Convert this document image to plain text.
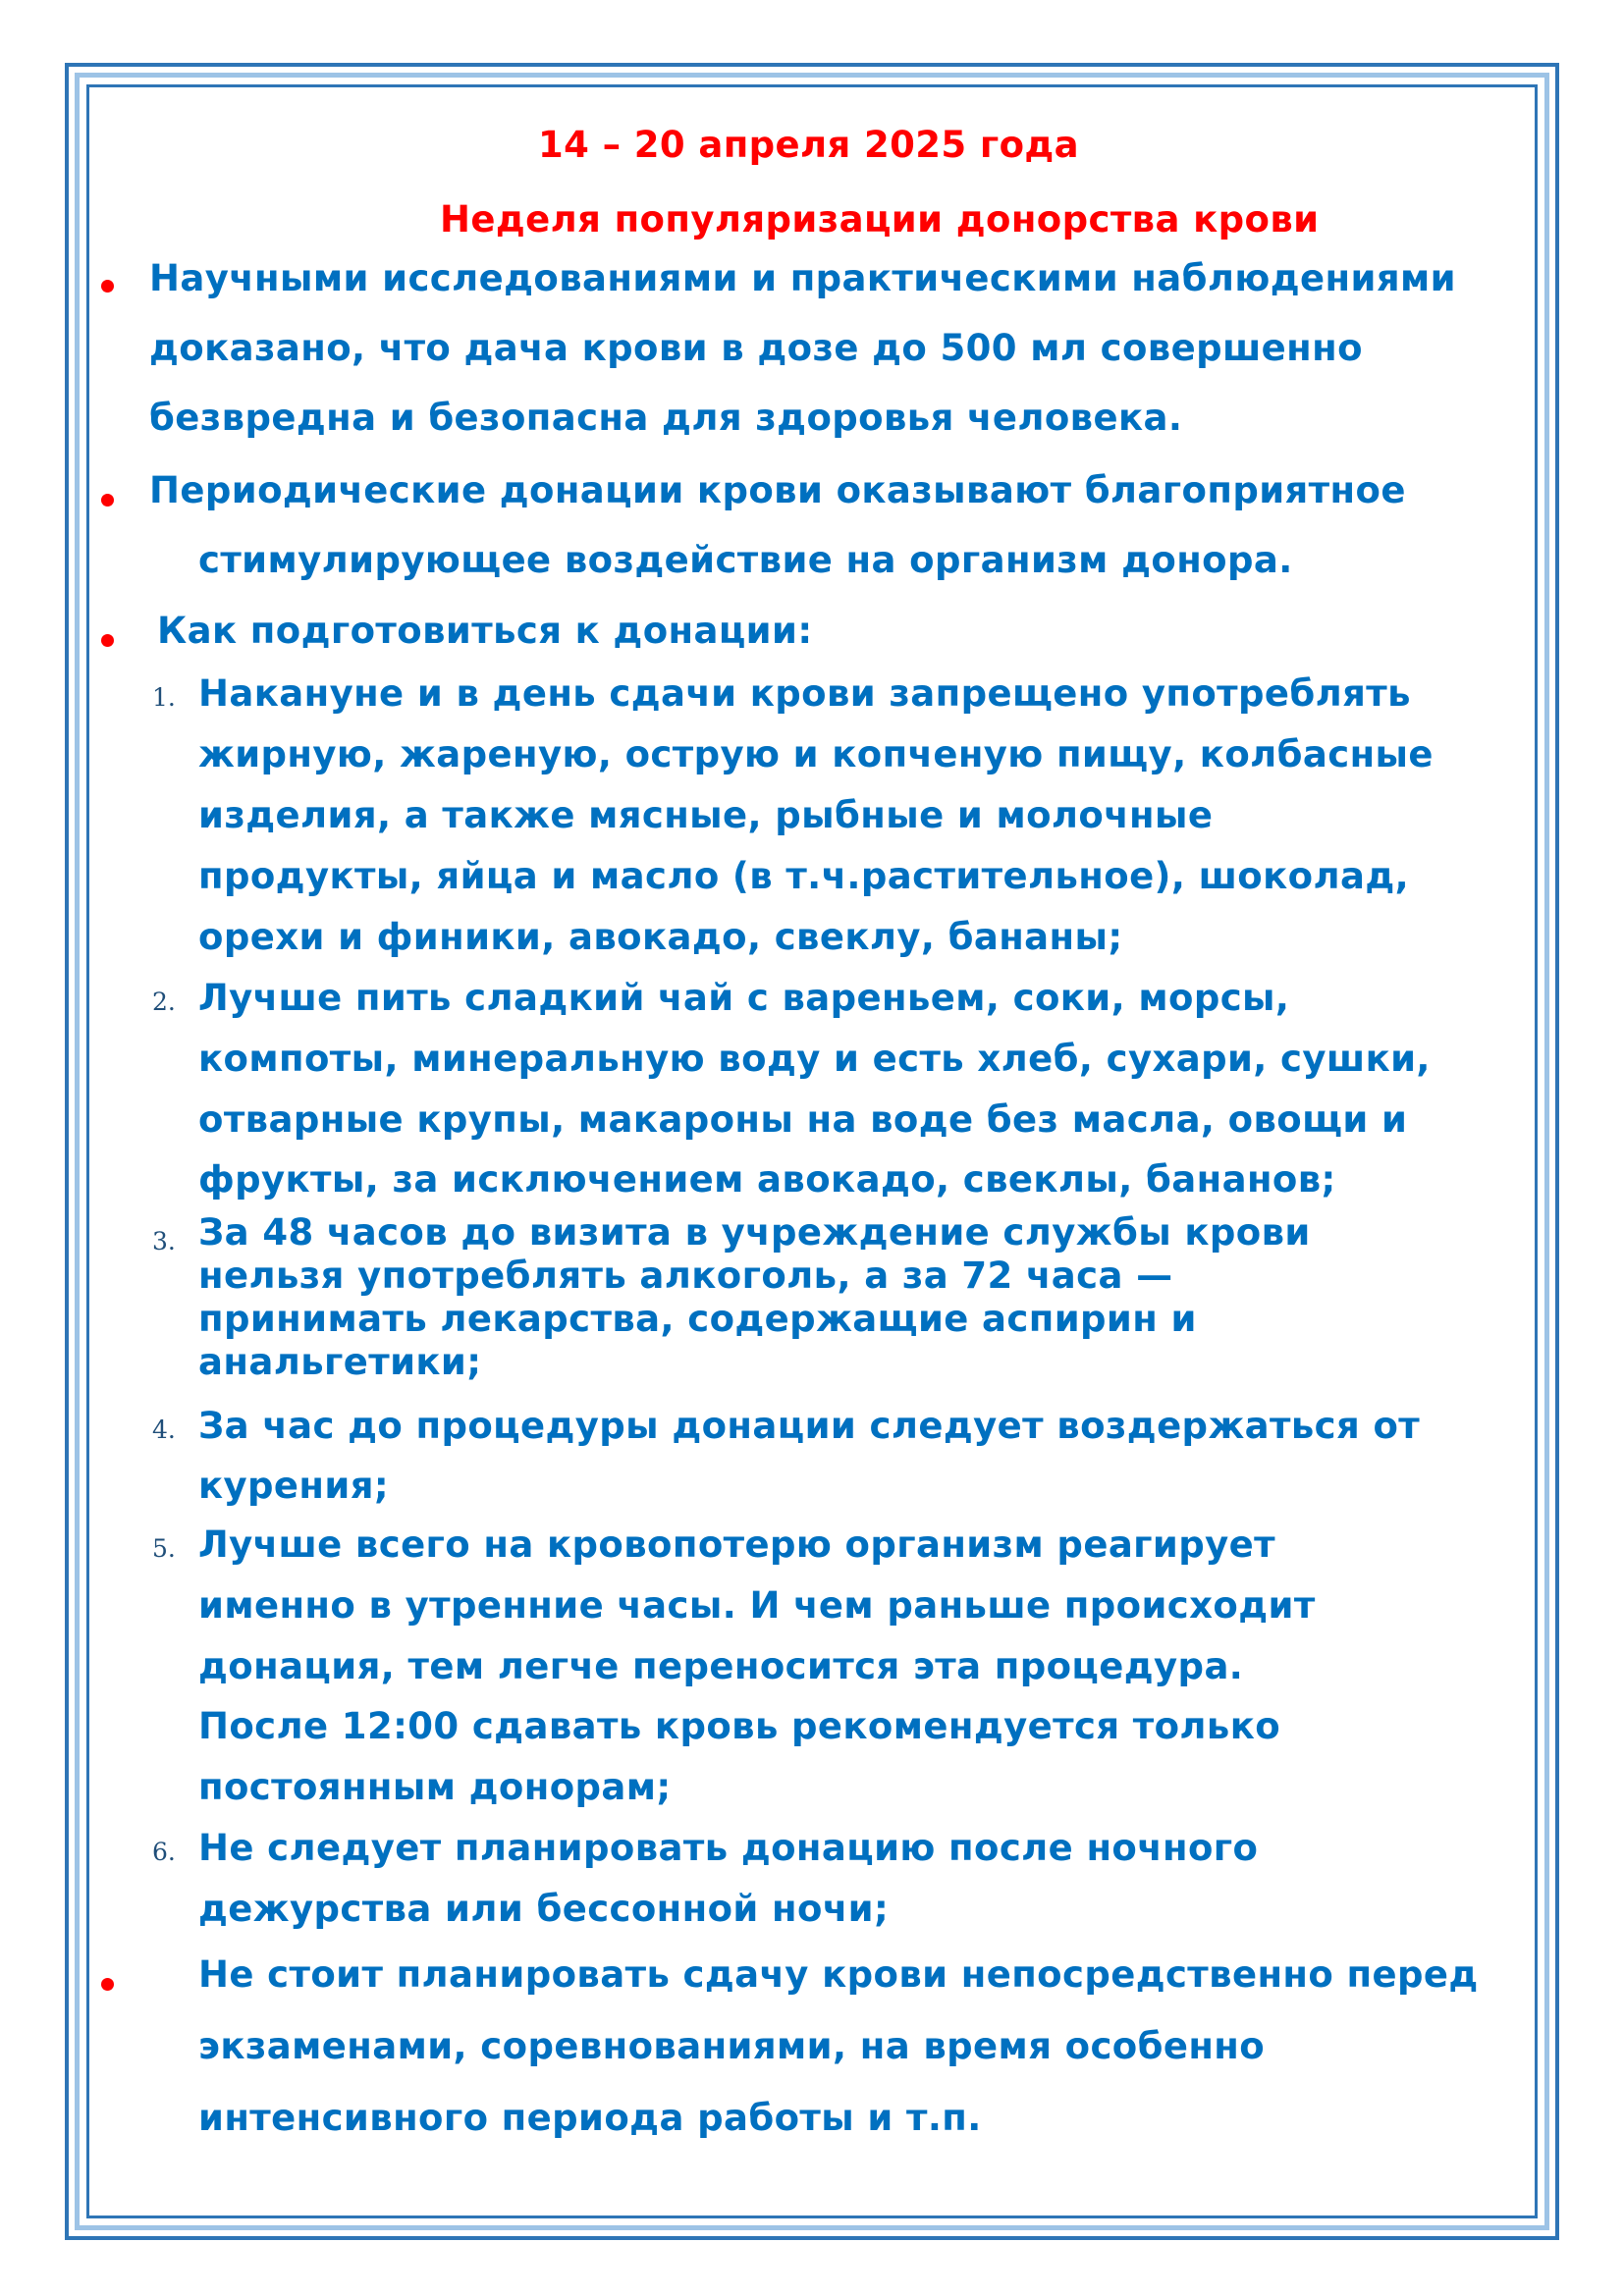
14 – 20 апреля 2025 года

Неделя популяризации донорства крови

Научными исследованиями и практическими наблюдениями

доказано, что дача крови в дозе до 500 мл совершенно

безвредна и безопасна для здоровья человека.

Периодические донации крови оказывают благоприятное

стимулирующее воздействие на организм донора.

Как подготовиться к донации:

1. Накануне и в день сдачи крови запрещено употреблять

жирную, жареную, острую и копченую пищу, колбасные

изделия, а также мясные, рыбные и молочные

продукты, яйца и масло (в т.ч.растительное), шоколад,

орехи и финики, авокадо, свеклу, бананы;

2. Лучше пить сладкий чай с вареньем, соки, морсы,

компоты, минеральную воду и есть хлеб, сухари, сушки,

отварные крупы, макароны на воде без масла, овощи и

фрукты, за исключением авокадо, свеклы, бананов;

3. За 48 часов до визита в учреждение службы крови

нельзя употреблять алкоголь, а за 72 часа —

принимать лекарства, содержащие аспирин и

анальгетики;

4. За час до процедуры донации следует воздержаться от

курения;

5. Лучше всего на кровопотерю организм реагирует

именно в утренние часы. И чем раньше происходит

донация, тем легче переносится эта процедура.

После 12:00 сдавать кровь рекомендуется только

постоянным донорам;

6. Не следует планировать донацию после ночного

дежурства или бессонной ночи;

Не стоит планировать сдачу крови непосредственно перед

экзаменами, соревнованиями, на время особенно

интенсивного периода работы и т.п.
